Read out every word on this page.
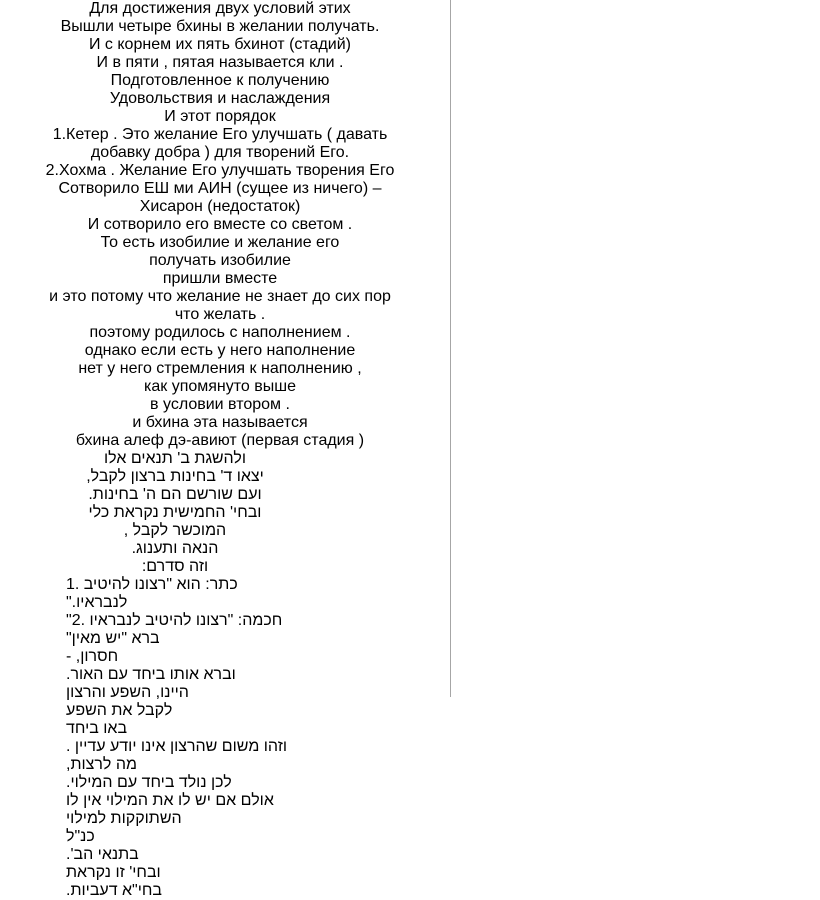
Для достижения двух условий этих
Вышли четыре бхины в желании получать.
И с корнем их пять бхинот (стадий)
И в пяти , пятая называется кли .
Подготовленное к получению
Удовольствия и наслаждения
И этот порядок
1.Кетер . Это желание Его улучшать ( давать
добавку добра ) для творений Его.
2.Хохма . Желание Его улучшать творения Его
Сотворило ЕШ ми АИН (сущее из ничего) –
Хисарон (недостаток)
И сотворило его вместе со светом .
То есть изобилие и желание его
получать изобилие
пришли вместе
и это потому что желание не знает до сих пор
что желать .
поэтому родилось с наполнением .
однако если есть у него наполнение
нет у него стремления к наполнению ,
как упомянуто выше
в условии втором .
и бхина эта называется
бхина алеф дэ-авиют (первая стадия )
ולהשגת ב' תנאים אלו
יצאו ד' בחינות ברצון לקבל,
ועם שורשם הם ה' בחינות.
ובחי' החמישית נקראת כלי
המוכשר לקבל ,
הנאה ותענוג.
וזה סדרם:
כתר: הוא "רצונו להיטיב .1
לנבראיו."
חכמה: "רצונו להיטיב לנבראיו .2"
ברא "יש מאין"
חסרון, -
וברא אותו ביחד עם האור.
היינו, השפע והרצון
לקבל את השפע
באו ביחד
וזהו משום שהרצון אינו יודע עדיין .
מה לרצות,
לכן נולד ביחד עם המילוי.
אולם אם יש לו את המילוי אין לו
השתוקקות למילוי
כנ"ל
בתנאי הב'.
ובחי' זו נקראת
בחי"א דעביות.
